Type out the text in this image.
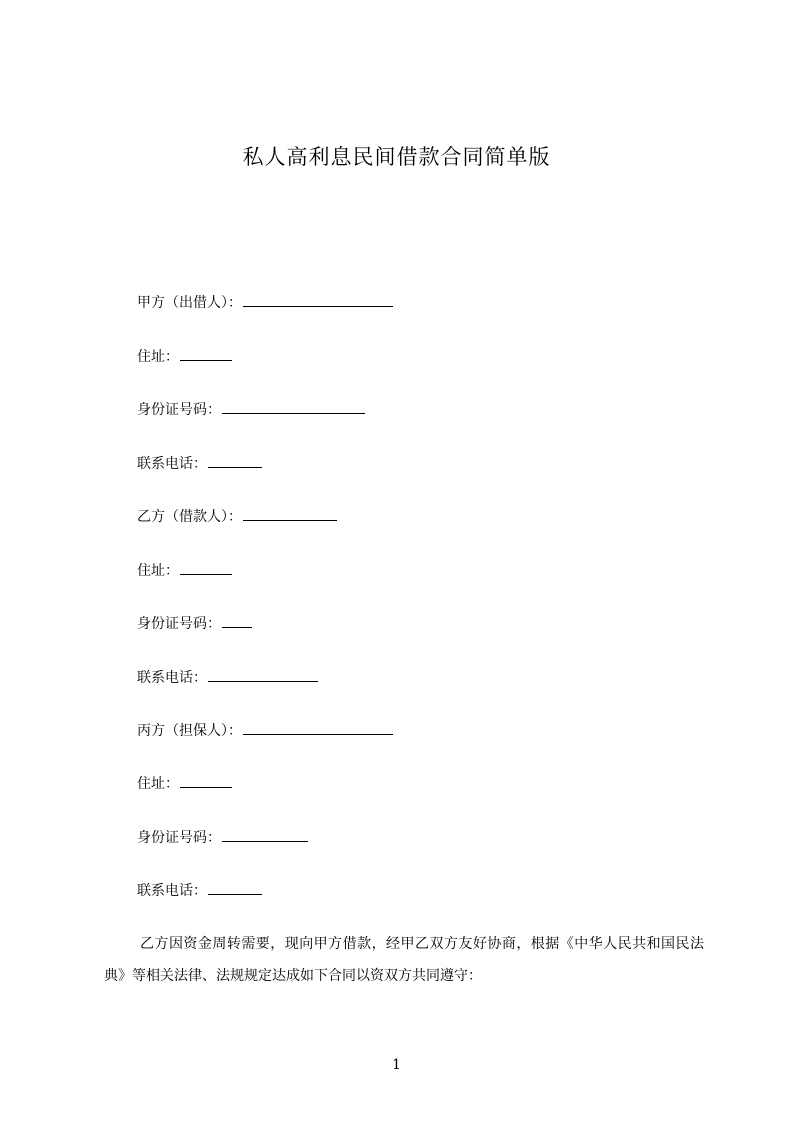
私人高利息民间借款合同简单版
甲方（出借人）：
住址：
身份证号码：
联系电话：
乙方（借款人）：
住址：
身份证号码：
联系电话：
丙方（担保人）：
住址：
身份证号码：
联系电话：

乙方因资金周转需要，现向甲方借款，经甲乙双方友好协商，根据《中华人民共和国民法典》等相关法律、法规规定达成如下合同以资双方共同遵守：

1
